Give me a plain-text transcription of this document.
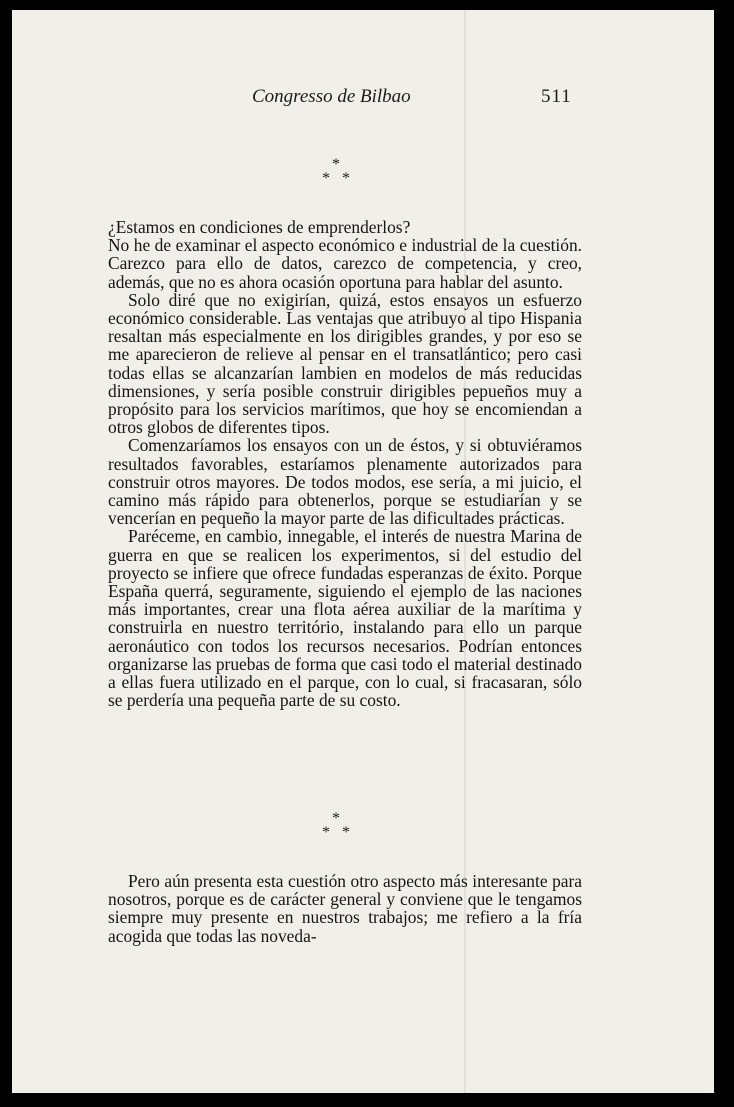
Congresso de Bilbao	511
*
* *

¿Estamos en condiciones de emprenderlos?

No he de examinar el aspecto económico e industrial de la cuestión. Carezco para ello de datos, carezco de competencia, y creo, además, que no es ahora ocasión oportuna para hablar del asunto.

Solo diré que no exigirían, quizá, estos ensayos un esfuerzo económico considerable. Las ventajas que atribuyo al tipo Hispania resaltan más especialmente en los dirigibles grandes, y por eso se me aparecieron de relieve al pensar en el transatlántico; pero casi todas ellas se alcanzarían lambien en modelos de más reducidas dimensiones, y sería posible construir dirigibles pepueños muy a propósito para los servicios marítimos, que hoy se encomiendan a otros globos de diferentes tipos.

Comenzaríamos los ensayos con un de éstos, y si obtuviéramos resultados favorables, estaríamos plenamente autorizados para construir otros mayores. De todos modos, ese sería, a mi juicio, el camino más rápido para obtenerlos, porque se estudiarían y se vencerían en pequeño la mayor parte de las dificultades prácticas.

Paréceme, en cambio, innegable, el interés de nuestra Marina de guerra en que se realicen los experimentos, si del estudio del proyecto se infiere que ofrece fundadas esperanzas de éxito. Porque España querrá, seguramente, siguiendo el ejemplo de las naciones más importantes, crear una flota aérea auxiliar de la marítima y construirla en nuestro território, instalando para ello un parque aeronáutico con todos los recursos necesarios. Podrían entonces organizarse las pruebas de forma que casi todo el material destinado a ellas fuera utilizado en el parque, con lo cual, si fracasaran, sólo se perdería una pequeña parte de su costo.

*
* *

Pero aún presenta esta cuestión otro aspecto más interesante para nosotros, porque es de carácter general y conviene que le tengamos siempre muy presente en nuestros trabajos; me refiero a la fría acogida que todas las noveda-
